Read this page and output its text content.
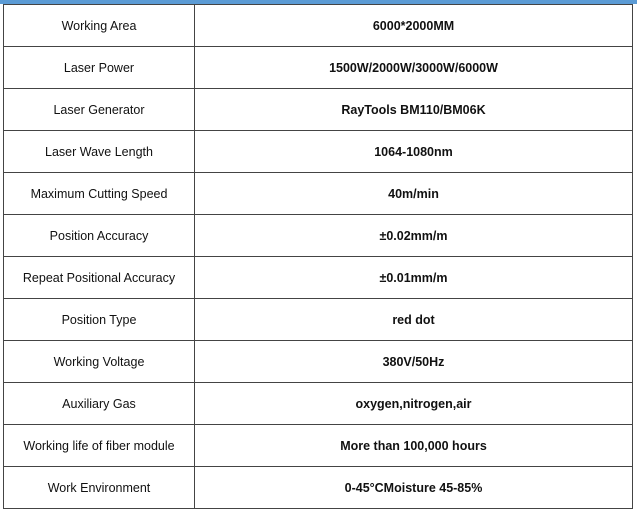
Working Area	6000*2000MM
Laser Power	1500W/2000W/3000W/6000W
Laser Generator	RayTools BM110/BM06K
Laser Wave Length	1064-1080nm
Maximum Cutting Speed	40m/min
Position Accuracy	±0.02mm/m
Repeat Positional Accuracy	±0.01mm/m
Position Type	red dot
Working Voltage	380V/50Hz
Auxiliary Gas	oxygen,nitrogen,air
Working life of fiber module	More than 100,000 hours
Work Environment	0-45°CMoisture 45-85%
